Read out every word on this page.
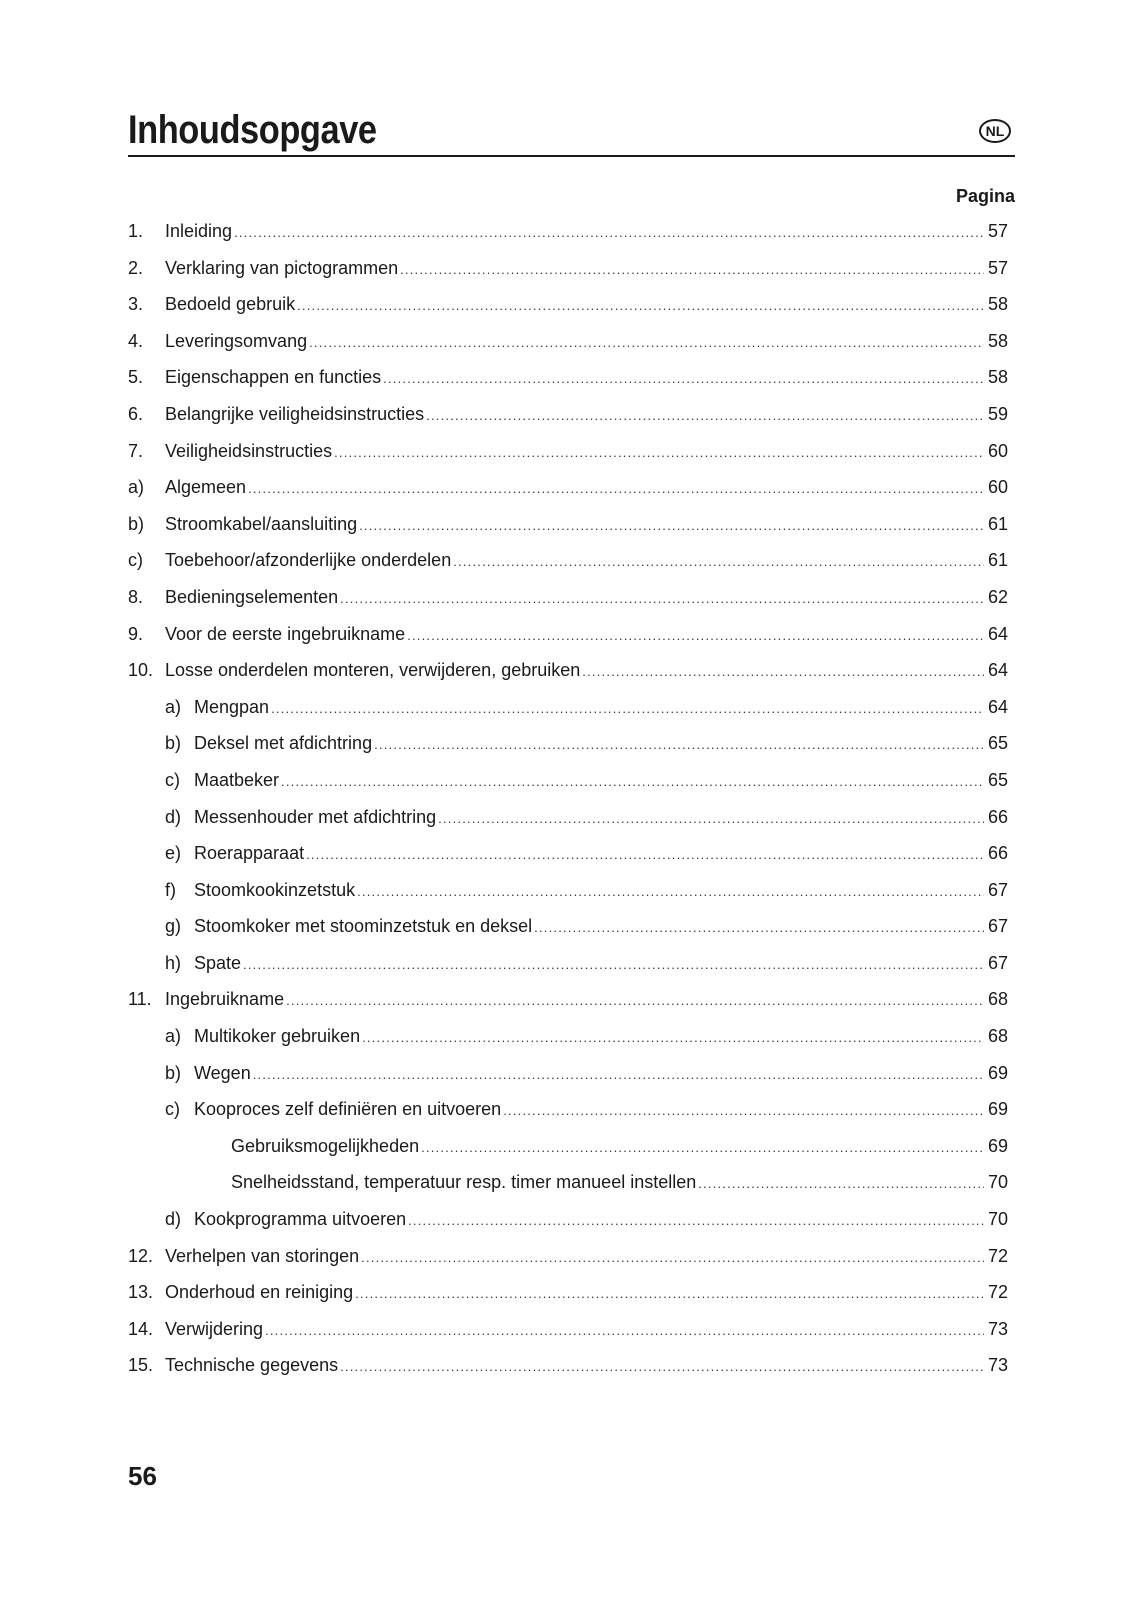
Inhoudsopgave	NL
Pagina
1. Inleiding .....	57
2. Verklaring van pictogrammen .....	57
3. Bedoeld gebruik .....	58
4. Leveringsomvang .....	58
5. Eigenschappen en functies .....	58
6. Belangrijke veiligheidsinstructies .....	59
7. Veiligheidsinstructies .....	60
a) Algemeen .....	60
b) Stroomkabel/aansluiting .....	61
c) Toebehoor/afzonderlijke onderdelen .....	61
8. Bedieningselementen .....	62
9. Voor de eerste ingebruikname .....	64
10. Losse onderdelen monteren, verwijderen, gebruiken .....	64
a) Mengpan .....	64
b) Deksel met afdichtring .....	65
c) Maatbeker .....	65
d) Messenhouder met afdichtring .....	66
e) Roerapparaat .....	66
f) Stoomkookinzetstuk .....	67
g) Stoomkoker met stoominzetstuk en deksel .....	67
h) Spate .....	67
11. Ingebruikname .....	68
a) Multikoker gebruiken .....	68
b) Wegen .....	69
c) Kooproces zelf definiëren en uitvoeren .....	69
Gebruiksmogelijkheden .....	69
Snelheidsstand, temperatuur resp. timer manueel instellen .....	70
d) Kookprogramma uitvoeren .....	70
12. Verhelpen van storingen .....	72
13. Onderhoud en reiniging .....	72
14. Verwijdering .....	73
15. Technische gegevens .....	73
56
